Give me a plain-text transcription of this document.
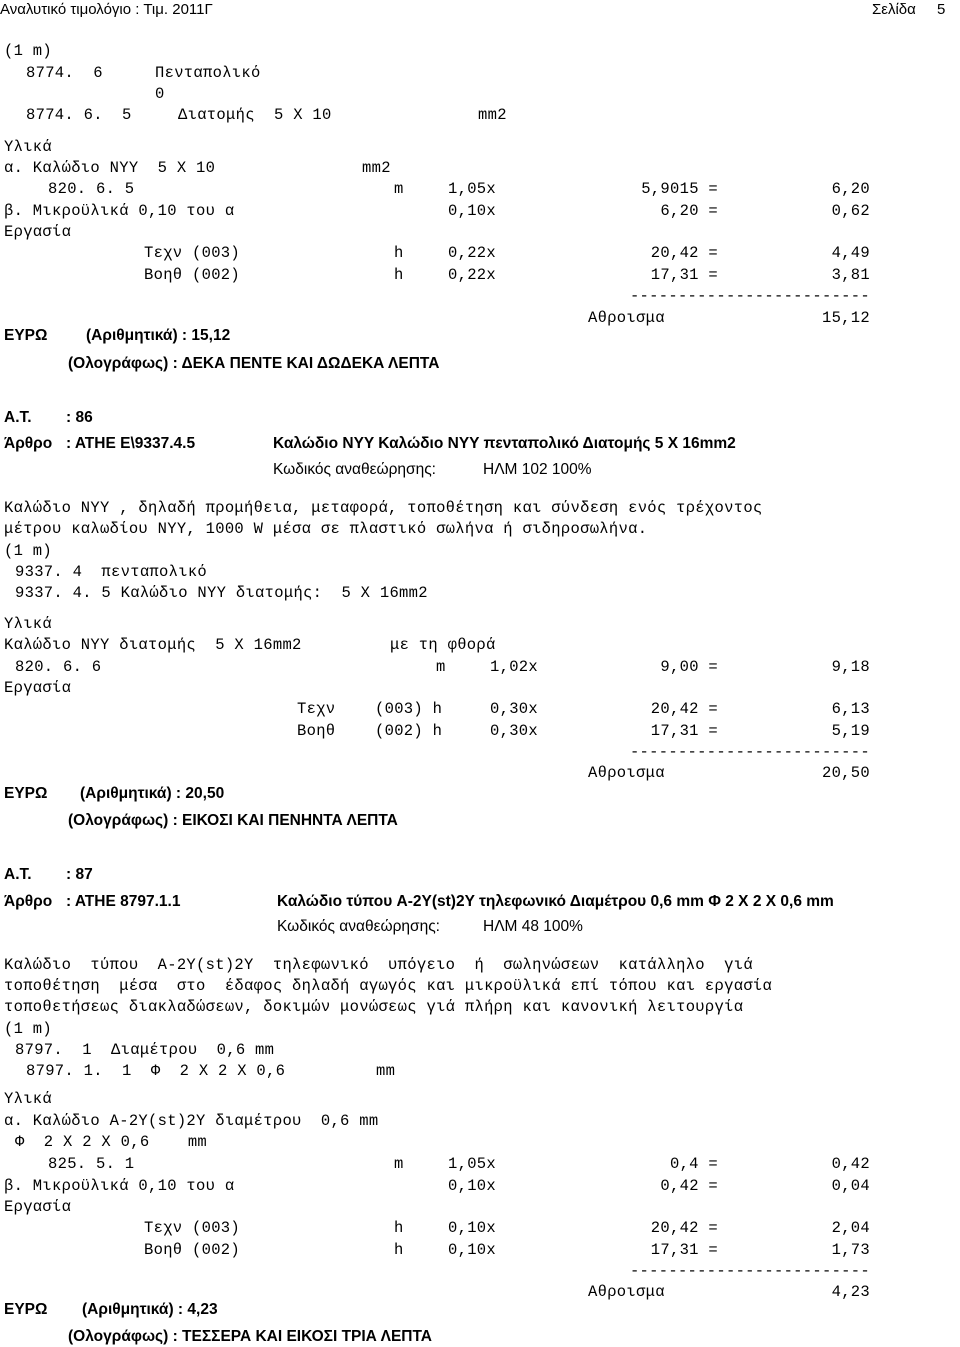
Αναλυτικό τιμολόγιο : Τιμ. 2011Γ	Σελίδα 5
(1 m)
8774.  6	Πενταπολικό
0
8774. 6.  5	Διατομής  5 X 10	mm2
Υλικά
α. Καλώδιο NYY  5 X 10	mm2
820. 6. 5	m	1,05x	5,9015 =	6,20
β. Μικροϋλικά 0,10 του α	0,10x	6,20 =	0,62
Εργασία
Τεχν (003)	h	0,22x	20,42 =	4,49
Βοηθ (002)	h	0,22x	17,31 =	3,81
-------------------------
Αθροισμα	15,12
ΕΥΡΩ (Αριθμητικά) : 15,12
(Ολογράφως) : ΔΕΚΑ ΠΕΝΤΕ ΚΑΙ ΔΩΔΕΚΑ ΛΕΠΤΑ
Α.Τ. : 86
Άρθρο : ΑΤΗΕ Ε\9337.4.5	Καλώδιο NYY Καλώδιο NYY πενταπολικό Διατομής 5 X 16mm2
Κωδικός αναθεώρησης:	ΗΛΜ 102 100%
Καλώδιο NYY , δηλαδή προμήθεια, μεταφορά, τοποθέτηση και σύνδεση ενός τρέχοντος
μέτρου καλωδίου NYY, 1000 W μέσα σε πλαστικό σωλήνα ή σιδηροσωλήνα.
(1 m)
9337. 4  πενταπολικό
9337. 4. 5 Καλώδιο NYY διατομής:  5 X 16mm2
Υλικά
Καλώδιο NYY διατομής  5 X 16mm2	με τη φθορά
820. 6. 6	m	1,02x	9,00 =	9,18
Εργασία
Τεχν	(003) h	0,30x	20,42 =	6,13
Βοηθ	(002) h	0,30x	17,31 =	5,19
-------------------------
Αθροισμα	20,50
ΕΥΡΩ (Αριθμητικά) : 20,50
(Ολογράφως) : ΕΙΚΟΣΙ ΚΑΙ ΠΕΝΗΝΤΑ ΛΕΠΤΑ
Α.Τ. : 87
Άρθρο : ΑΤΗΕ 8797.1.1	Καλώδιο τύπου A-2Y(st)2Y τηλεφωνικό Διαμέτρου 0,6 mm Φ 2 X 2 X 0,6 mm
Κωδικός αναθεώρησης:	ΗΛΜ 48 100%
Καλώδιο  τύπου  A-2Y(st)2Y  τηλεφωνικό  υπόγειο  ή  σωληνώσεων  κατάλληλο  γιά
τοποθέτηση  μέσα  στο  έδαφος δηλαδή αγωγός και μικροϋλικά επί τόπου και εργασία
τοποθετήσεως διακλαδώσεων, δοκιμών μονώσεως γιά πλήρη και κανονική λειτουργία
(1 m)
8797.  1  Διαμέτρου  0,6 mm
8797. 1.  1  Φ  2 X 2 X 0,6	mm
Υλικά
α. Καλώδιο A-2Y(st)2Y διαμέτρου  0,6 mm
Φ  2 X 2 X 0,6    mm
825. 5. 1	m	1,05x	0,4 =	0,42
β. Μικροϋλικά 0,10 του α	0,10x	0,42 =	0,04
Εργασία
Τεχν (003)	h	0,10x	20,42 =	2,04
Βοηθ (002)	h	0,10x	17,31 =	1,73
-------------------------
Αθροισμα	4,23
ΕΥΡΩ (Αριθμητικά) : 4,23
(Ολογράφως) : ΤΕΣΣΕΡΑ ΚΑΙ ΕΙΚΟΣΙ ΤΡΙΑ ΛΕΠΤΑ
